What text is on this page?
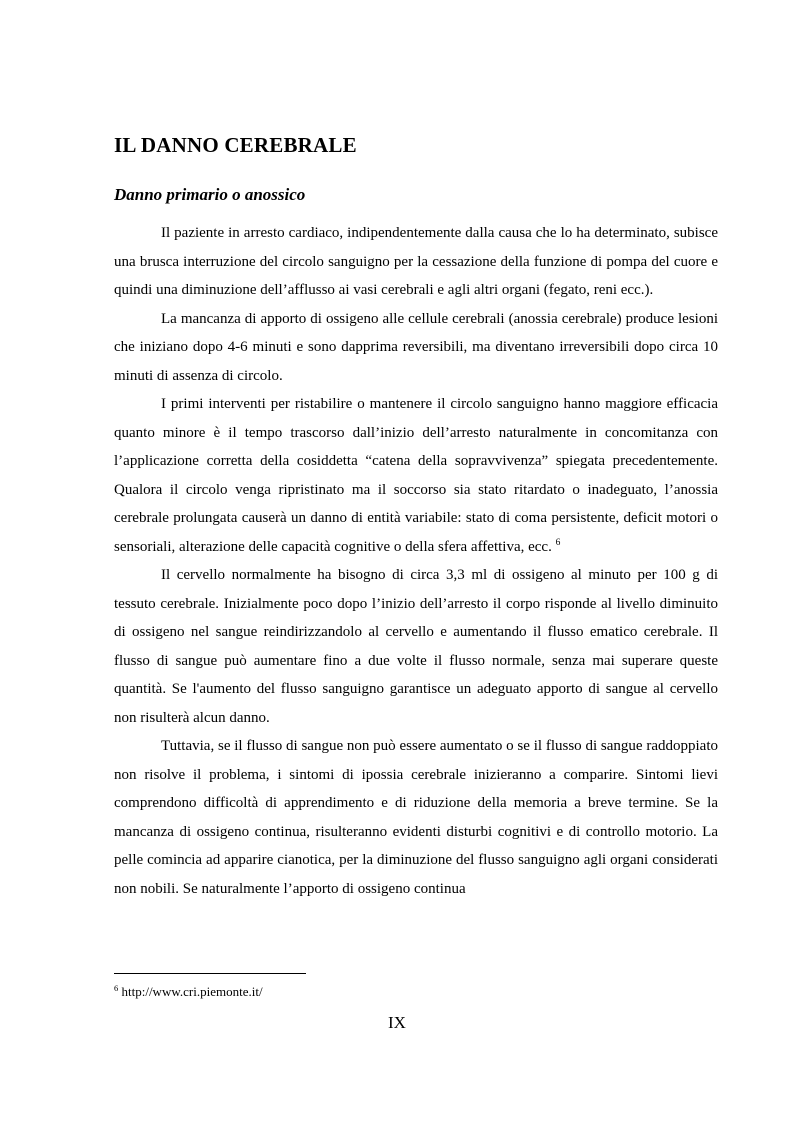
IL DANNO CEREBRALE
Danno primario o anossico

Il paziente in arresto cardiaco, indipendentemente dalla causa che lo ha determinato, subisce una brusca interruzione del circolo sanguigno per la cessazione della funzione di pompa del cuore e quindi una diminuzione dell’afflusso ai vasi cerebrali e agli altri organi (fegato, reni ecc.).

La mancanza di apporto di ossigeno alle cellule cerebrali (anossia cerebrale) produce lesioni che iniziano dopo 4-6 minuti e sono dapprima reversibili, ma diventano irreversibili dopo circa 10 minuti di assenza di circolo.

I primi interventi per ristabilire o mantenere il circolo sanguigno hanno maggiore efficacia quanto minore è il tempo trascorso dall’inizio dell’arresto naturalmente in concomitanza con l’applicazione corretta della cosiddetta “catena della sopravvivenza” spiegata precedentemente. Qualora il circolo venga ripristinato ma il soccorso sia stato ritardato o inadeguato, l’anossia cerebrale prolungata causerà un danno di entità variabile: stato di coma persistente, deficit motori o sensoriali, alterazione delle capacità cognitive o della sfera affettiva, ecc. $^6$

Il cervello normalmente ha bisogno di circa 3,3 ml di ossigeno al minuto per 100 g di tessuto cerebrale. Inizialmente poco dopo l’inizio dell’arresto il corpo risponde al livello diminuito di ossigeno nel sangue reindirizzandolo al cervello e aumentando il flusso ematico cerebrale. Il flusso di sangue può aumentare fino a due volte il flusso normale, senza mai superare queste quantità. Se l'aumento del flusso sanguigno garantisce un adeguato apporto di sangue al cervello non risulterà alcun danno.

Tuttavia, se il flusso di sangue non può essere aumentato o se il flusso di sangue raddoppiato non risolve il problema, i sintomi di ipossia cerebrale inizieranno a comparire. Sintomi lievi comprendono difficoltà di apprendimento e di riduzione della memoria a breve termine. Se la mancanza di ossigeno continua, risulteranno evidenti disturbi cognitivi e di controllo motorio. La pelle comincia ad apparire cianotica, per la diminuzione del flusso sanguigno agli organi considerati non nobili. Se naturalmente l’apporto di ossigeno continua

$^6$ http://www.cri.piemonte.it/

IX
